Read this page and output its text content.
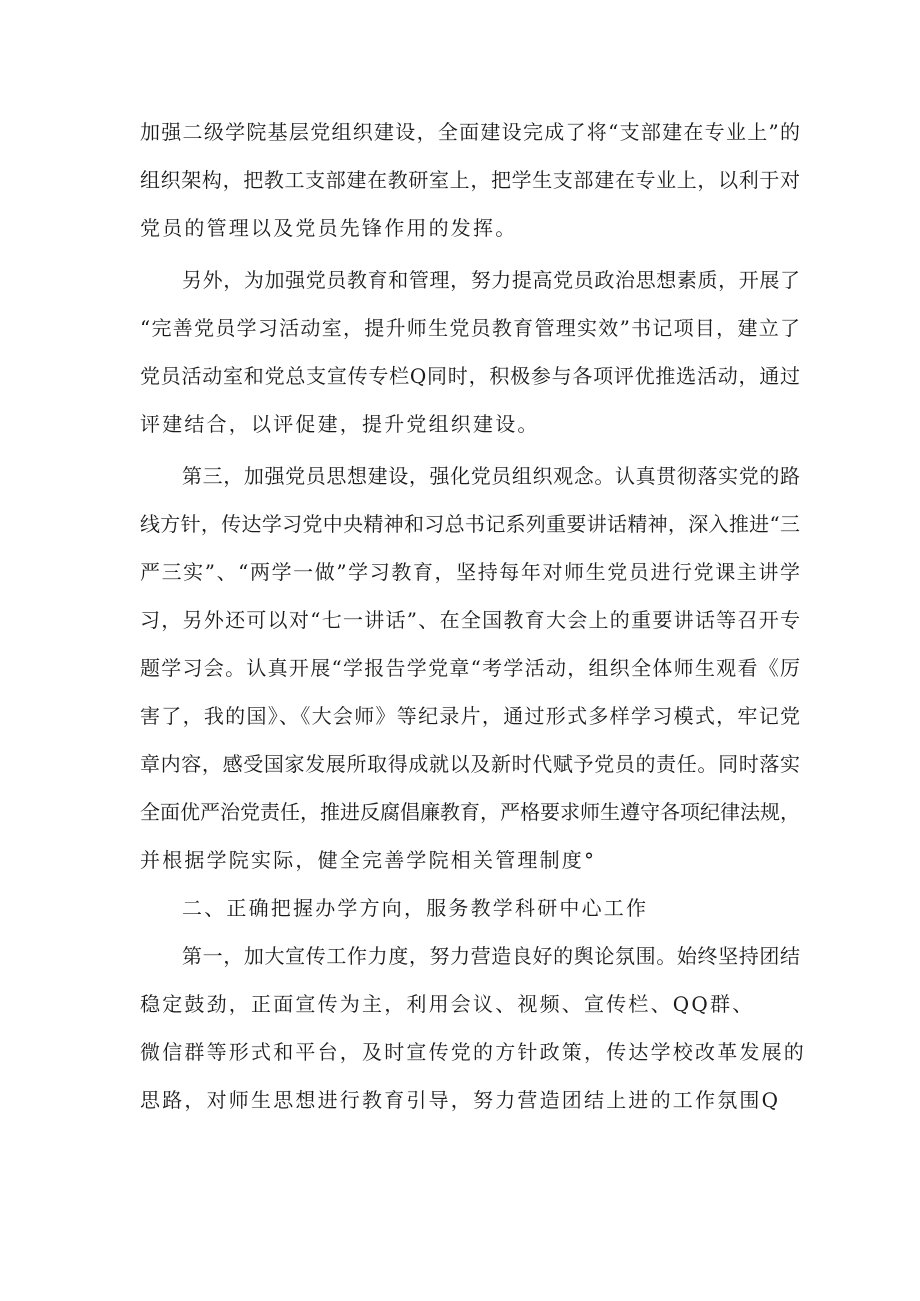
加强二级学院基层党组织建设，全面建设完成了将“支部建在专业上”的
组织架构，把教工支部建在教研室上，把学生支部建在专业上，以利于对
党员的管理以及党员先锋作用的发挥。
另外，为加强党员教育和管理，努力提高党员政治思想素质，开展了
“完善党员学习活动室，提升师生党员教育管理实效”书记项目，建立了
党员活动室和党总支宣传专栏Q同时，积极参与各项评优推选活动，通过
评建结合，以评促建，提升党组织建设。
第三，加强党员思想建设，强化党员组织观念。认真贯彻落实党的路
线方针，传达学习党中央精神和习总书记系列重要讲话精神，深入推进“三
严三实”、“两学一做”学习教育，坚持每年对师生党员进行党课主讲学
习，另外还可以对“七一讲话”、在全国教育大会上的重要讲话等召开专
题学习会。认真开展“学报告学党章“考学活动，组织全体师生观看《厉
害了，我的国》、《大会师》等纪录片，通过形式多样学习模式，牢记党
章内容，感受国家发展所取得成就以及新时代赋予党员的责任。同时落实
全面优严治党责任，推进反腐倡廉教育，严格要求师生遵守各项纪律法规，
并根据学院实际，健全完善学院相关管理制度°
二、正确把握办学方向，服务教学科研中心工作
第一，加大宣传工作力度，努力营造良好的舆论氛围。始终坚持团结
稳定鼓劲，正面宣传为主，利用会议、视频、宣传栏、QQ群、
微信群等形式和平台，及时宣传党的方针政策，传达学校改革发展的
思路，对师生思想进行教育引导，努力营造团结上进的工作氛围Q
